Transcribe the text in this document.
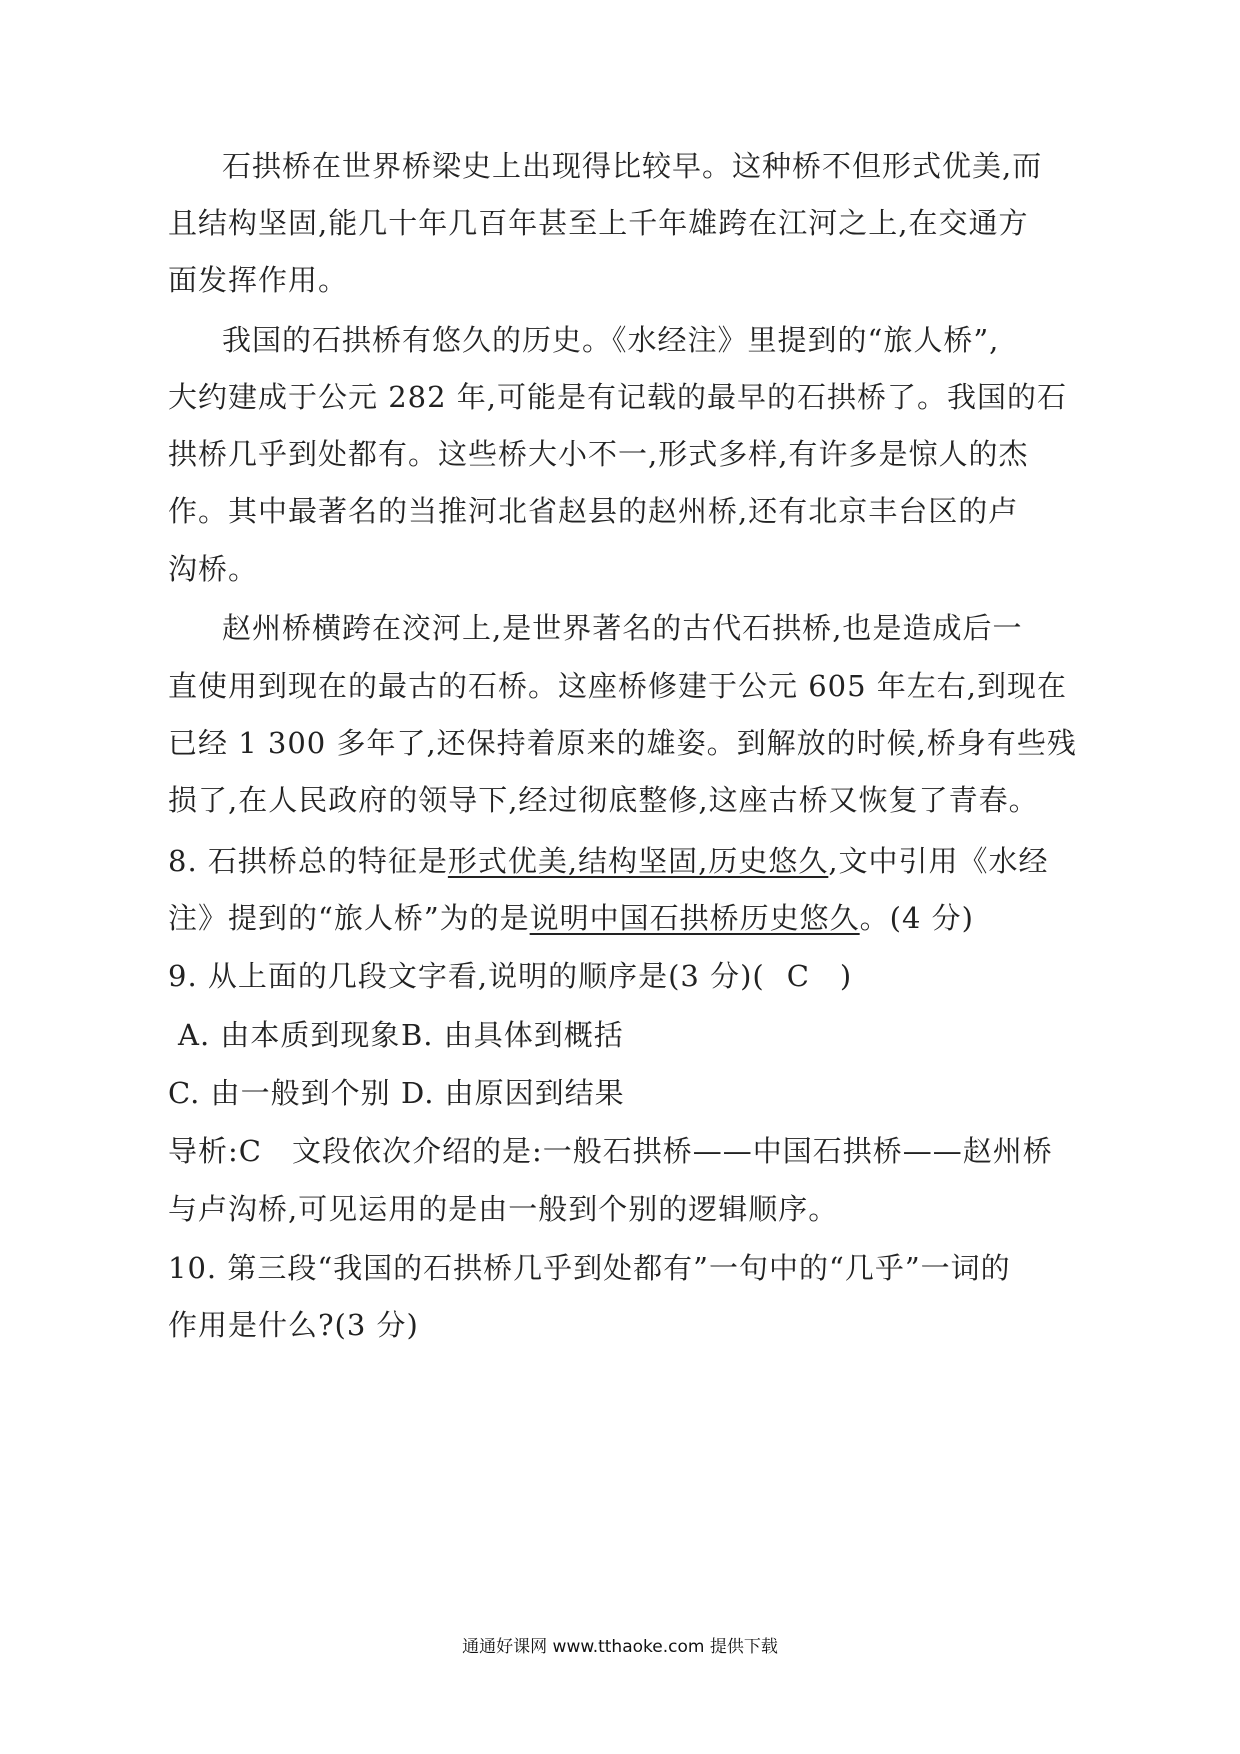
石拱桥在世界桥梁史上出现得比较早。这种桥不但形式优美,而
且结构坚固,能几十年几百年甚至上千年雄跨在江河之上,在交通方
面发挥作用。
我国的石拱桥有悠久的历史。《水经注》里提到的“旅人桥”,
大约建成于公元 282 年,可能是有记载的最早的石拱桥了。我国的石
拱桥几乎到处都有。这些桥大小不一,形式多样,有许多是惊人的杰
作。其中最著名的当推河北省赵县的赵州桥,还有北京丰台区的卢
沟桥。
赵州桥横跨在洨河上,是世界著名的古代石拱桥,也是造成后一
直使用到现在的最古的石桥。这座桥修建于公元 605 年左右,到现在
已经 1 300 多年了,还保持着原来的雄姿。到解放的时候,桥身有些残
损了,在人民政府的领导下,经过彻底整修,这座古桥又恢复了青春。
8. 石拱桥总的特征是形式优美,结构坚固,历史悠久,文中引用《水经
注》提到的“旅人桥”为的是说明中国石拱桥历史悠久。(4 分)
9. 从上面的几段文字看,说明的顺序是(3 分)( C )
A. 由本质到现象 B. 由具体到概括
C. 由一般到个别 D. 由原因到结果
导析:C　文段依次介绍的是:一般石拱桥——中国石拱桥——赵州桥
与卢沟桥,可见运用的是由一般到个别的逻辑顺序。
10. 第三段“我国的石拱桥几乎到处都有”一句中的“几乎”一词的
作用是什么?(3 分)
通通好课网 www.tthaoke.com 提供下载
